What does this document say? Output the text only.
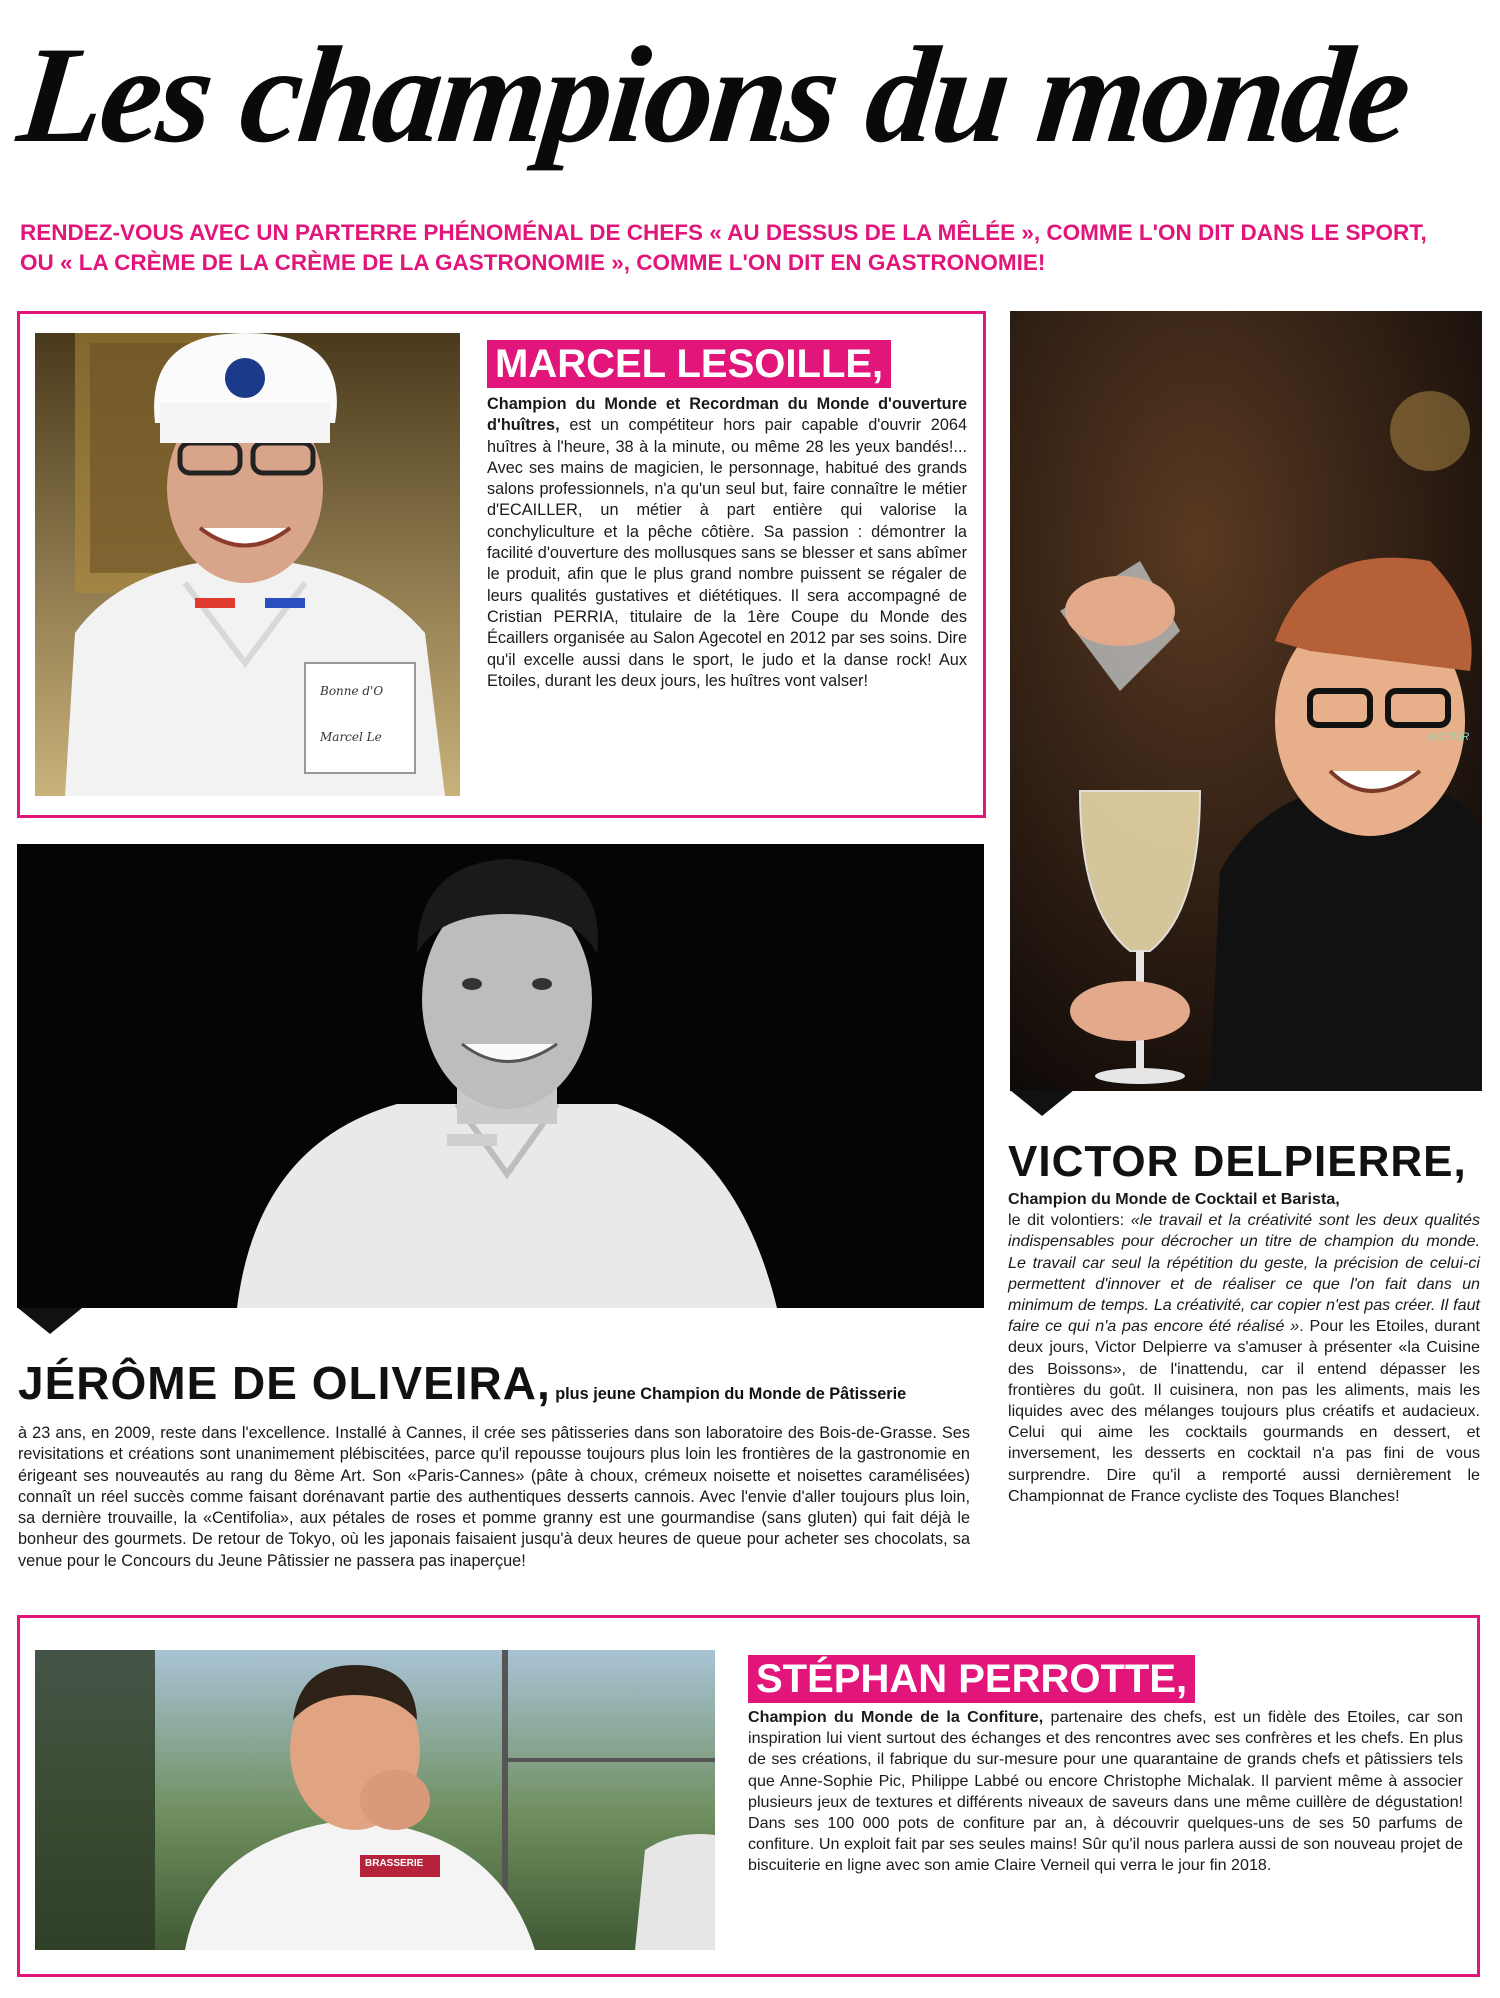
Les champions du monde
RENDEZ-VOUS AVEC UN PARTERRE PHÉNOMÉNAL DE CHEFS « AU DESSUS DE LA MÊLÉE », COMME L'ON DIT DANS LE SPORT,
OU « LA CRÈME DE LA CRÈME DE LA GASTRONOMIE », COMME L'ON DIT EN GASTRONOMIE!
Bonne d'O
Marcel Le
MARCEL LESOILLE,
Champion du Monde et Recordman du Monde d'ouverture d'huîtres, est un compétiteur hors pair capable d'ouvrir 2064 huîtres à l'heure, 38 à la minute, ou même 28 les yeux bandés!... Avec ses mains de magicien, le personnage, habitué des grands salons professionnels, n'a qu'un seul but, faire connaître le métier d'ECAILLER, un métier à part entière qui valorise la conchyliculture et la pêche côtière. Sa passion : démontrer la facilité d'ouverture des mollusques sans se blesser et sans abîmer le produit, afin que le plus grand nombre puissent se régaler de leurs qualités gustatives et diététiques. Il sera accompagné de Cristian PERRIA, titulaire de la 1ère Coupe du Monde des Écaillers organisée au Salon Agecotel en 2012 par ses soins. Dire qu'il excelle aussi dans le sport, le judo et la danse rock! Aux Etoiles, durant les deux jours, les huîtres vont valser!
VICTOR
VICTOR DELPIERRE,
Champion du Monde de Cocktail et Barista,
le dit volontiers: «le travail et la créativité sont les deux qualités indispensables pour décrocher un titre de champion du monde. Le travail car seul la répétition du geste, la précision de celui-ci permettent d'innover et de réaliser ce que l'on fait dans un minimum de temps. La créativité, car copier n'est pas créer. Il faut faire ce qui n'a pas encore été réalisé ». Pour les Etoiles, durant deux jours, Victor Delpierre va s'amuser à présenter «la Cuisine des Boissons», de l'inattendu, car il entend dépasser les frontières du goût. Il cuisinera, non pas les aliments, mais les liquides avec des mélanges toujours plus créatifs et audacieux. Celui qui aime les cocktails gourmands en dessert, et inversement, les desserts en cocktail n'a pas fini de vous surprendre. Dire qu'il a remporté aussi dernièrement le Championnat de France cycliste des Toques Blanches!
JÉRÔME DE OLIVEIRA, plus jeune Champion du Monde de Pâtisserie
à 23 ans, en 2009, reste dans l'excellence. Installé à Cannes, il crée ses pâtisseries dans son laboratoire des Bois-de-Grasse. Ses revisitations et créations sont unanimement plébiscitées, parce qu'il repousse toujours plus loin les frontières de la gastronomie en érigeant ses nouveautés au rang du 8ème Art. Son «Paris-Cannes» (pâte à choux, crémeux noisette et noisettes caramélisées) connaît un réel succès comme faisant dorénavant partie des authentiques desserts cannois. Avec l'envie d'aller toujours plus loin, sa dernière trouvaille, la «Centifolia», aux pétales de roses et pomme granny est une gourmandise (sans gluten) qui fait déjà le bonheur des gourmets. De retour de Tokyo, où les japonais faisaient jusqu'à deux heures de queue pour acheter ses chocolats, sa venue pour le Concours du Jeune Pâtissier ne passera pas inaperçue!
BRASSERIE
STÉPHAN PERROTTE,
Champion du Monde de la Confiture, partenaire des chefs, est un fidèle des Etoiles, car son inspiration lui vient surtout des échanges et des rencontres avec ses confrères et les chefs. En plus de ses créations, il fabrique du sur-mesure pour une quarantaine de grands chefs et pâtissiers tels que Anne-Sophie Pic, Philippe Labbé ou encore Christophe Michalak. Il parvient même à associer plusieurs jeux de textures et différents niveaux de saveurs dans une même cuillère de dégustation! Dans ses 100 000 pots de confiture par an, à découvrir quelques-uns de ses 50 parfums de confiture. Un exploit fait par ses seules mains! Sûr qu'il nous parlera aussi de son nouveau projet de biscuiterie en ligne avec son amie Claire Verneil qui verra le jour fin 2018.
